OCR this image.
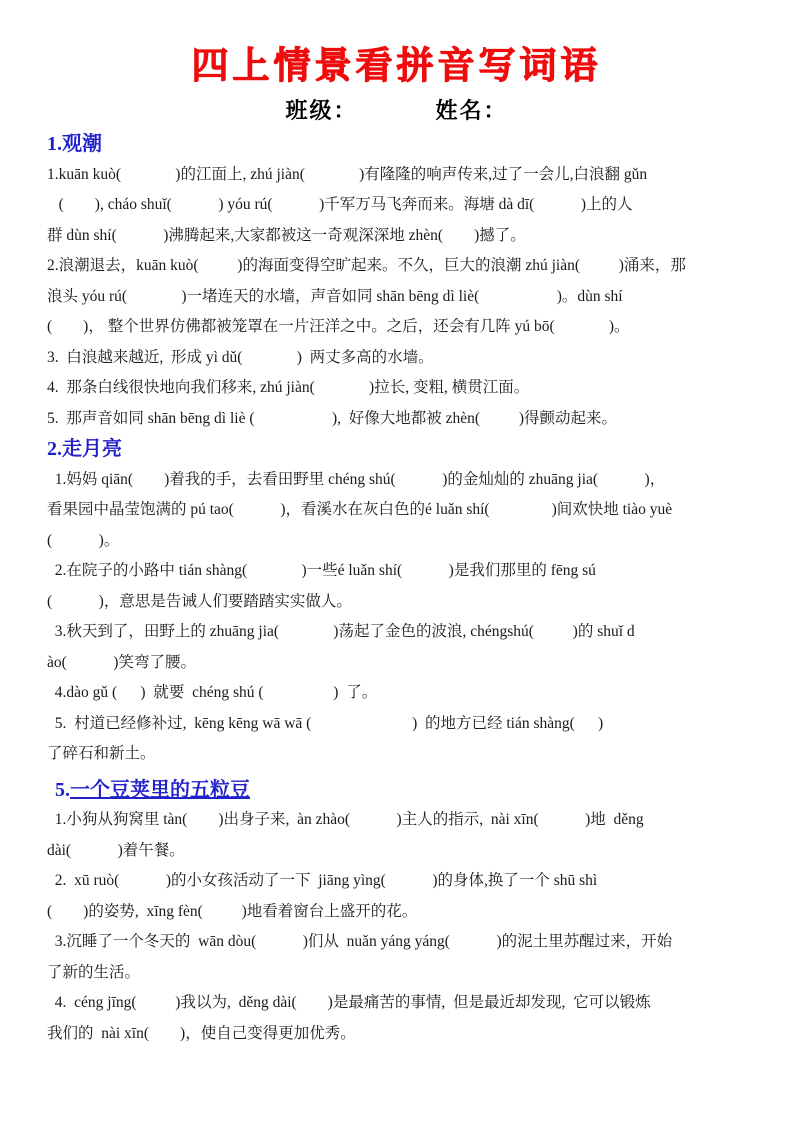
四上情景看拼音写词语
班级：	姓名：
1.观潮
1.kuān kuò(              )的江面上, zhú jiàn(              )有隆隆的响声传来,过了一会儿,白浪翻 gǔn
(        ), cháo shuǐ(            ) yóu rú(            )千军万马飞奔而来。海塘 dà dī(            )上的人
群 dùn shí(            )沸腾起来,大家都被这一奇观深深地 zhèn(        )撼了。
2.浪潮退去，kuān kuò(          )的海面变得空旷起来。不久，巨大的浪潮 zhú jiàn(          )涌来，那
浪头 yóu rú(              )一堵连天的水墙，声音如同 shān bēng dì liè(                    )。dùn shí
(        )， 整个世界仿佛都被笼罩在一片汪洋之中。之后，还会有几阵 yú bō(              )。
3.  白浪越来越近,  形成 yì dǔ(              )  两丈多高的水墙。
4.  那条白线很快地向我们移来, zhú jiàn(              )拉长, 变粗, 横贯江面。
5.  那声音如同 shān bēng dì liè (                    ),  好像大地都被 zhèn(          )得颤动起来。
2.走月亮
1.妈妈 qiān(        )着我的手，去看田野里 chéng shú(            )的金灿灿的 zhuāng jia(            )，
看果园中晶莹饱满的 pú tao(            )，看溪水在灰白色的é luǎn shí(                )间欢快地 tiào yuè
(            )。
2.在院子的小路中 tián shàng(              )一些é luǎn shí(            )是我们那里的 fēng sú
(            )，意思是告诫人们要踏踏实实做人。
3.秋天到了，田野上的 zhuāng jia(              )荡起了金色的波浪, chéngshú(          )的 shuǐ d
ào(            )笑弯了腰。
4.dào gǔ (      )  就要  chéng shú (                  )  了。
5.  村道已经修补过,  kēng kēng wā wā (                          )  的地方已经 tián shàng(      )
了碎石和新土。
5.一个豆荚里的五粒豆
1.小狗从狗窝里 tàn(        )出身子来,  àn zhào(            )主人的指示,  nài xīn(            )地  děng
dài(            )着午餐。
2.  xū ruò(            )的小女孩活动了一下  jiāng yìng(            )的身体,换了一个 shū shì
(        )的姿势,  xīng fèn(          )地看着窗台上盛开的花。
3.沉睡了一个冬天的  wān dòu(            )们从  nuǎn yáng yáng(            )的泥土里苏醒过来，开始
了新的生活。
4.  céng jīng(          )我以为,  děng dài(        )是最痛苦的事情,  但是最近却发现,  它可以锻炼
我们的  nài xīn(        )，使自己变得更加优秀。
